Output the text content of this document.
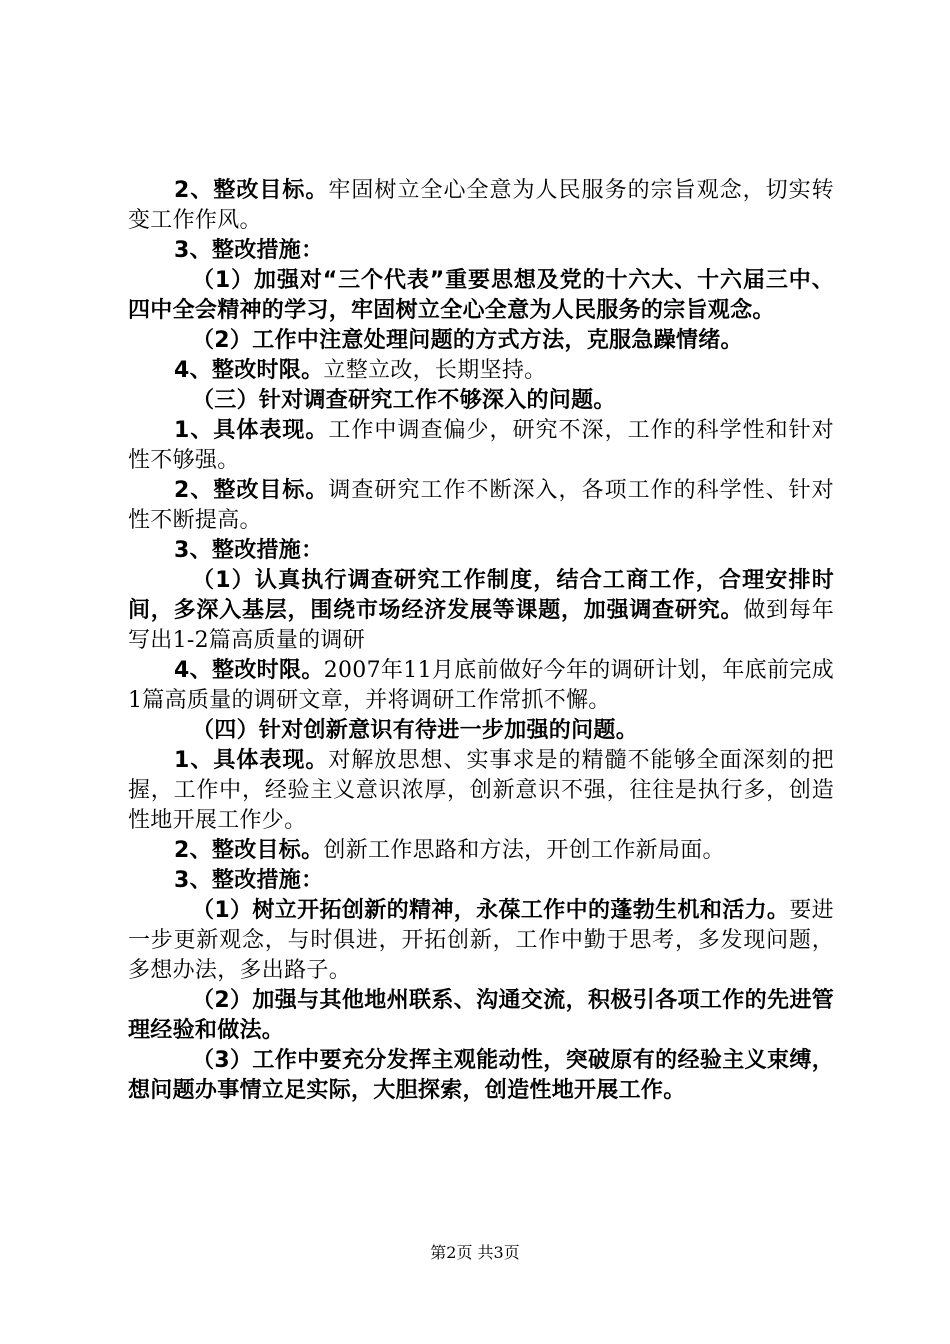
2、整改目标。牢固树立全心全意为人民服务的宗旨观念，切实转变工作作风。

3、整改措施：

（1）加强对“三个代表”重要思想及党的十六大、十六届三中、四中全会精神的学习，牢固树立全心全意为人民服务的宗旨观念。

（2）工作中注意处理问题的方式方法，克服急躁情绪。

4、整改时限。立整立改，长期坚持。

（三）针对调查研究工作不够深入的问题。

1、具体表现。工作中调查偏少，研究不深，工作的科学性和针对性不够强。

2、整改目标。调查研究工作不断深入，各项工作的科学性、针对性不断提高。

3、整改措施：

（1）认真执行调查研究工作制度，结合工商工作，合理安排时间，多深入基层，围绕市场经济发展等课题，加强调查研究。做到每年写出1-2篇高质量的调研

4、整改时限。2007年11月底前做好今年的调研计划，年底前完成1篇高质量的调研文章，并将调研工作常抓不懈。

（四）针对创新意识有待进一步加强的问题。

1、具体表现。对解放思想、实事求是的精髓不能够全面深刻的把握，工作中，经验主义意识浓厚，创新意识不强，往往是执行多，创造性地开展工作少。

2、整改目标。创新工作思路和方法，开创工作新局面。

3、整改措施：

（1）树立开拓创新的精神，永葆工作中的蓬勃生机和活力。要进一步更新观念，与时俱进，开拓创新，工作中勤于思考，多发现问题，多想办法，多出路子。

（2）加强与其他地州联系、沟通交流，积极引各项工作的先进管理经验和做法。

（3）工作中要充分发挥主观能动性，突破原有的经验主义束缚，想问题办事情立足实际，大胆探索，创造性地开展工作。

第2页 共3页
